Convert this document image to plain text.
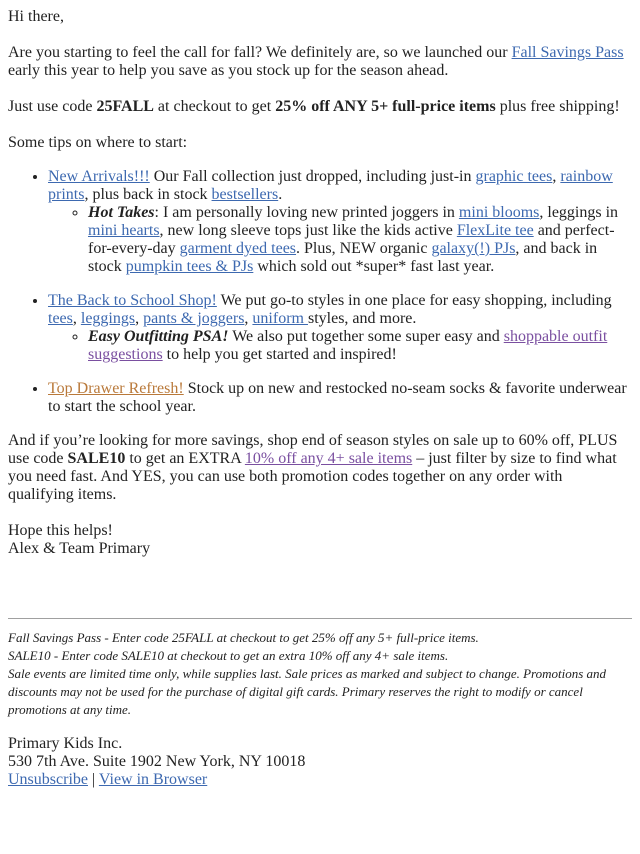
Hi there,

Are you starting to feel the call for fall? We definitely are, so we launched our Fall Savings Pass early this year to help you save as you stock up for the season ahead.

Just use code 25FALL at checkout to get 25% off ANY 5+ full-price items plus free shipping!

Some tips on where to start:

• New Arrivals!!! Our Fall collection just dropped, including just-in graphic tees, rainbow prints, plus back in stock bestsellers.
◦ Hot Takes: I am personally loving new printed joggers in mini blooms, leggings in mini hearts, new long sleeve tops just like the kids active FlexLite tee and perfect-for-every-day garment dyed tees. Plus, NEW organic galaxy(!) PJs, and back in stock pumpkin tees & PJs which sold out *super* fast last year.
• The Back to School Shop! We put go-to styles in one place for easy shopping, including tees, leggings, pants & joggers, uniform styles, and more.
◦ Easy Outfitting PSA! We also put together some super easy and shoppable outfit suggestions to help you get started and inspired!
• Top Drawer Refresh! Stock up on new and restocked no-seam socks & favorite underwear to start the school year.

And if you’re looking for more savings, shop end of season styles on sale up to 60% off, PLUS use code SALE10 to get an EXTRA 10% off any 4+ sale items – just filter by size to find what you need fast. And YES, you can use both promotion codes together on any order with qualifying items.

Hope this helps!
Alex & Team Primary

Fall Savings Pass - Enter code 25FALL at checkout to get 25% off any 5+ full-price items.

SALE10 - Enter code SALE10 at checkout to get an extra 10% off any 4+ sale items.

Sale events are limited time only, while supplies last. Sale prices as marked and subject to change. Promotions and discounts may not be used for the purchase of digital gift cards. Primary reserves the right to modify or cancel promotions at any time.

Primary Kids Inc.

530 7th Ave. Suite 1902 New York, NY 10018

Unsubscribe | View in Browser
